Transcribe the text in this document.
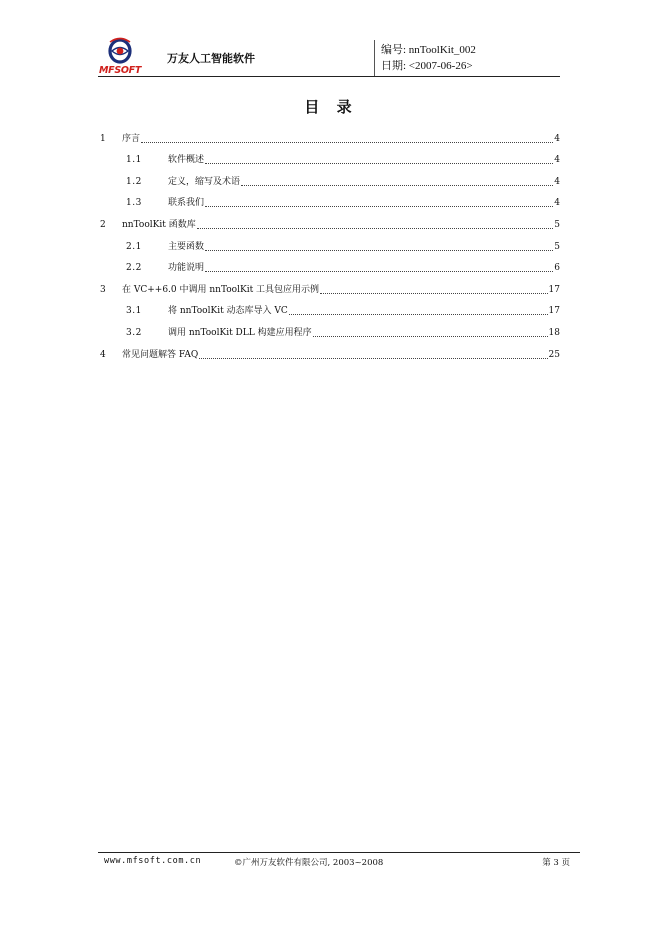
MFSOFT
万友人工智能软件
编号: nnToolKit_002
日期: <2007-06-26>
目 录
1	序言	4
1.1	软件概述	4
1.2	定义，缩写及术语	4
1.3	联系我们	4
2	nnToolKit 函数库	5
2.1	主要函数	5
2.2	功能说明	6
3	在 VC++6.0 中调用 nnToolKit 工具包应用示例	17
3.1	将 nnToolKit 动态库导入 VC	17
3.2	调用 nnToolKit DLL 构建应用程序	18
4	常见问题解答 FAQ	25
www.mfsoft.com.cn	©广州万友软件有限公司, 2003~2008	第 3 页
